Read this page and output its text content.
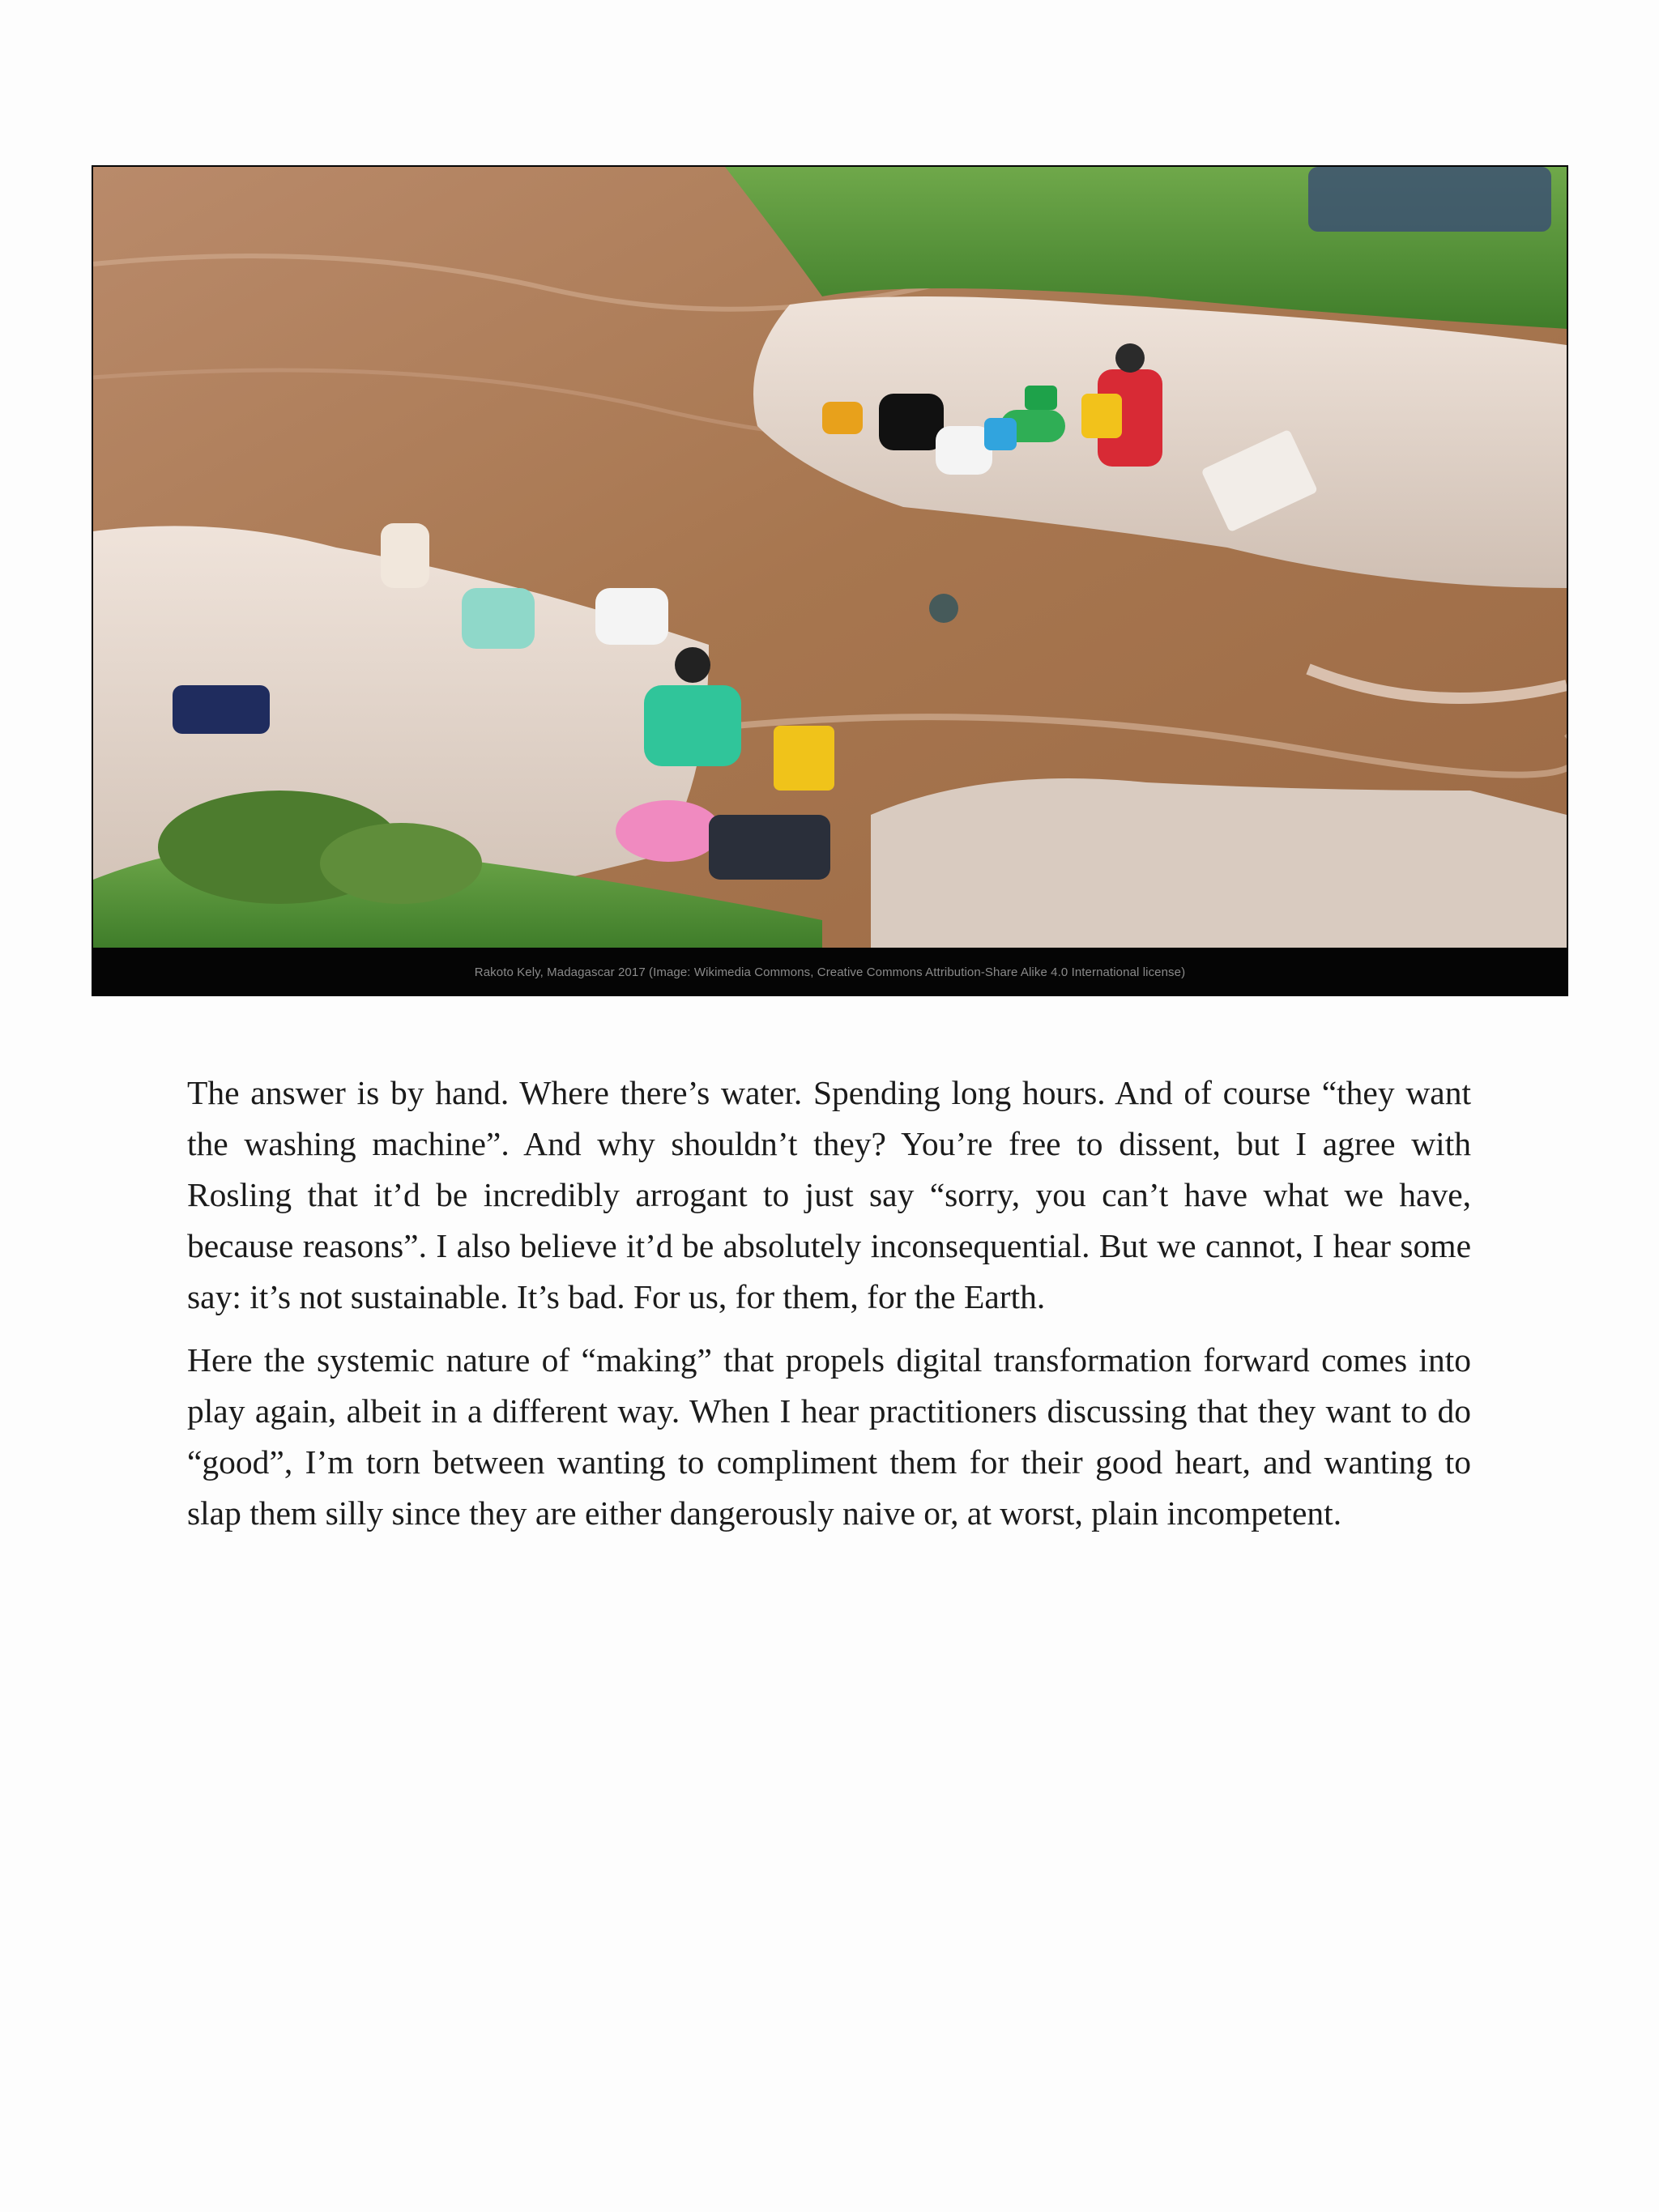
Rakoto Kely, Madagascar 2017 (Image: Wikimedia Commons, Creative Commons Attribution-Share Alike 4.0 International license)

The answer is by hand. Where there’s water. Spending long hours. And of course “they want the washing machine”. And why shouldn’t they? You’re free to dissent, but I agree with Rosling that it’d be incredibly arrogant to just say “sorry, you can’t have what we have, because reasons”. I also believe it’d be absolutely inconsequential. But we cannot, I hear some say: it’s not sustainable. It’s bad. For us, for them, for the Earth.

Here the systemic nature of “making” that propels digital transformation forward comes into play again, albeit in a different way. When I hear practitioners discussing that they want to do “good”, I’m torn between wanting to compliment them for their good heart, and wanting to slap them silly since they are either dangerously naive or, at worst, plain incompetent.
